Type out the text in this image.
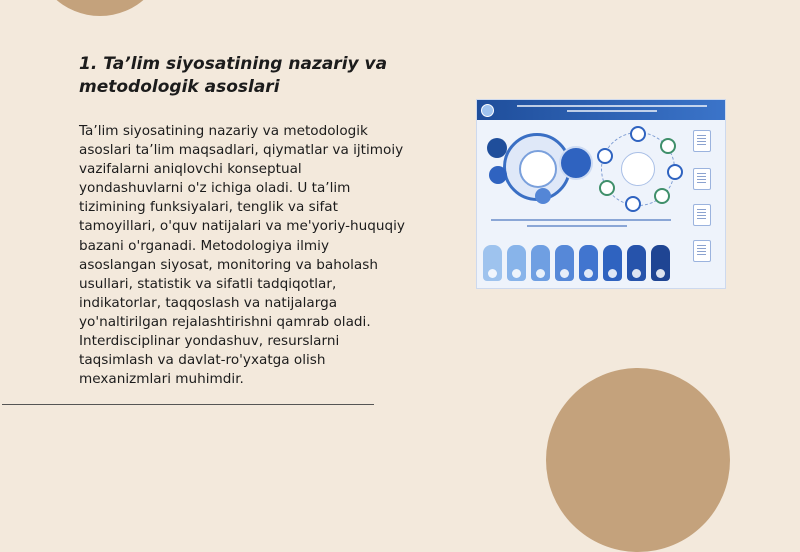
1. Ta’lim siyosatining nazariy va metodologik asoslari

Ta’lim siyosatining nazariy va metodologik asoslari ta’lim maqsadlari, qiymatlar va ijtimoiy vazifalarni aniqlovchi konseptual yondashuvlarni o'z ichiga oladi. U ta’lim tizimining funksiyalari, tenglik va sifat tamoyillari, o'quv natijalari va me'yoriy-huquqiy bazani o'rganadi. Metodologiya ilmiy asoslangan siyosat, monitoring va baholash usullari, statistik va sifatli tadqiqotlar, indikatorlar, taqqoslash va natijalarga yo'naltirilgan rejalashtirishni qamrab oladi. Interdisciplinar yondashuv, resurslarni taqsimlash va davlat-ro'yxatga olish mexanizmlari muhimdir.
